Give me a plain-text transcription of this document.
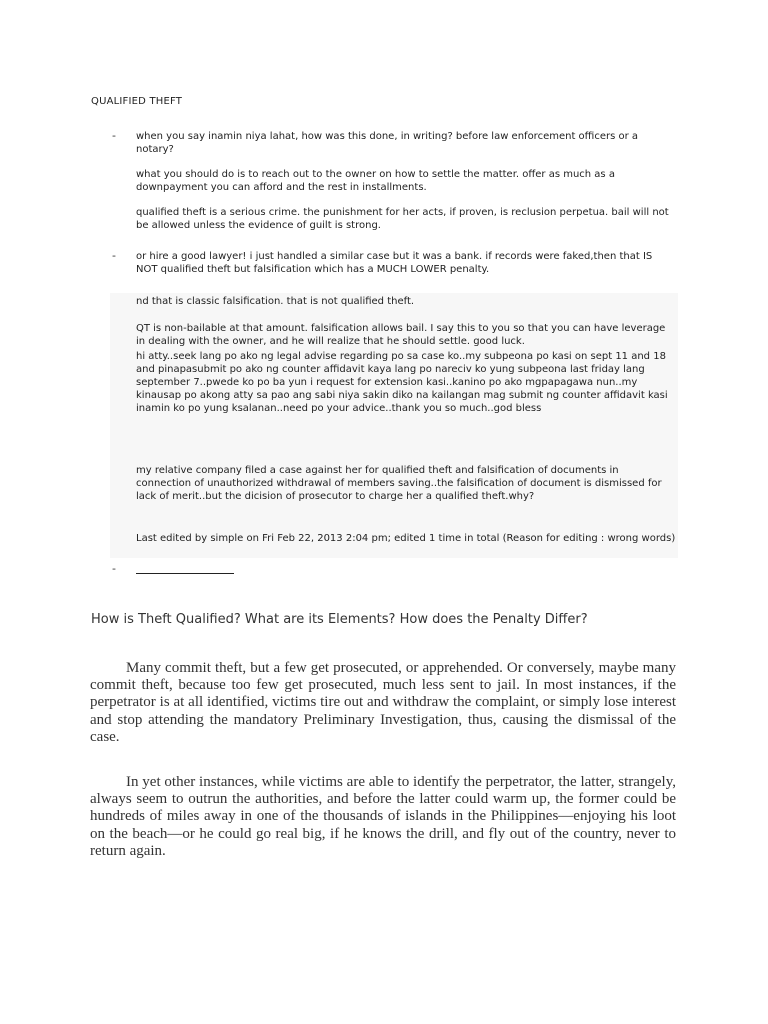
QUALIFIED THEFT
-
-
-
when you say inamin niya lahat, how was this done, in writing? before law enforcement officers or a notary?
what you should do is to reach out to the owner on how to settle the matter. offer as much as a downpayment you can afford and the rest in installments.
qualified theft is a serious crime. the punishment for her acts, if proven, is reclusion perpetua. bail will not be allowed unless the evidence of guilt is strong.
or hire a good lawyer! i just handled a similar case but it was a bank. if records were faked,then that IS NOT qualified theft but falsification which has a MUCH LOWER penalty.
nd that is classic falsification. that is not qualified theft.
QT is non-bailable at that amount. falsification allows bail. I say this to you so that you can have leverage in dealing with the owner, and he will realize that he should settle. good luck.
hi atty..seek lang po ako ng legal advise regarding po sa case ko..my subpeona po kasi on sept 11 and 18 and pinapasubmit po ako ng counter affidavit kaya lang po nareciv ko yung subpeona last friday lang september 7..pwede ko po ba yun i request for extension kasi..kanino po ako mgpapagawa nun..my kinausap po akong atty sa pao ang sabi niya sakin diko na kailangan mag submit ng counter affidavit kasi inamin ko po yung ksalanan..need po your advice..thank you so much..god bless
my relative company filed a case against her for qualified theft and falsification of documents in connection of unauthorized withdrawal of members saving..the falsification of document is dismissed for lack of merit..but the dicision of prosecutor to charge her a qualified theft.why?
Last edited by simple on Fri Feb 22, 2013 2:04 pm; edited 1 time in total (Reason for editing : wrong words)
How is Theft Qualified? What are its Elements? How does the Penalty Differ?

Many commit theft, but a few get prosecuted, or apprehended. Or conversely, maybe many commit theft, because too few get prosecuted, much less sent to jail. In most instances, if the perpetrator is at all identified, victims tire out and withdraw the complaint, or simply lose interest and stop attending the mandatory Preliminary Investigation, thus, causing the dismissal of the case.

In yet other instances, while victims are able to identify the perpetrator, the latter, strangely, always seem to outrun the authorities, and before the latter could warm up, the former could be hundreds of miles away in one of the thousands of islands in the Philippines—enjoying his loot on the beach—or he could go real big, if he knows the drill, and fly out of the country, never to return again.
